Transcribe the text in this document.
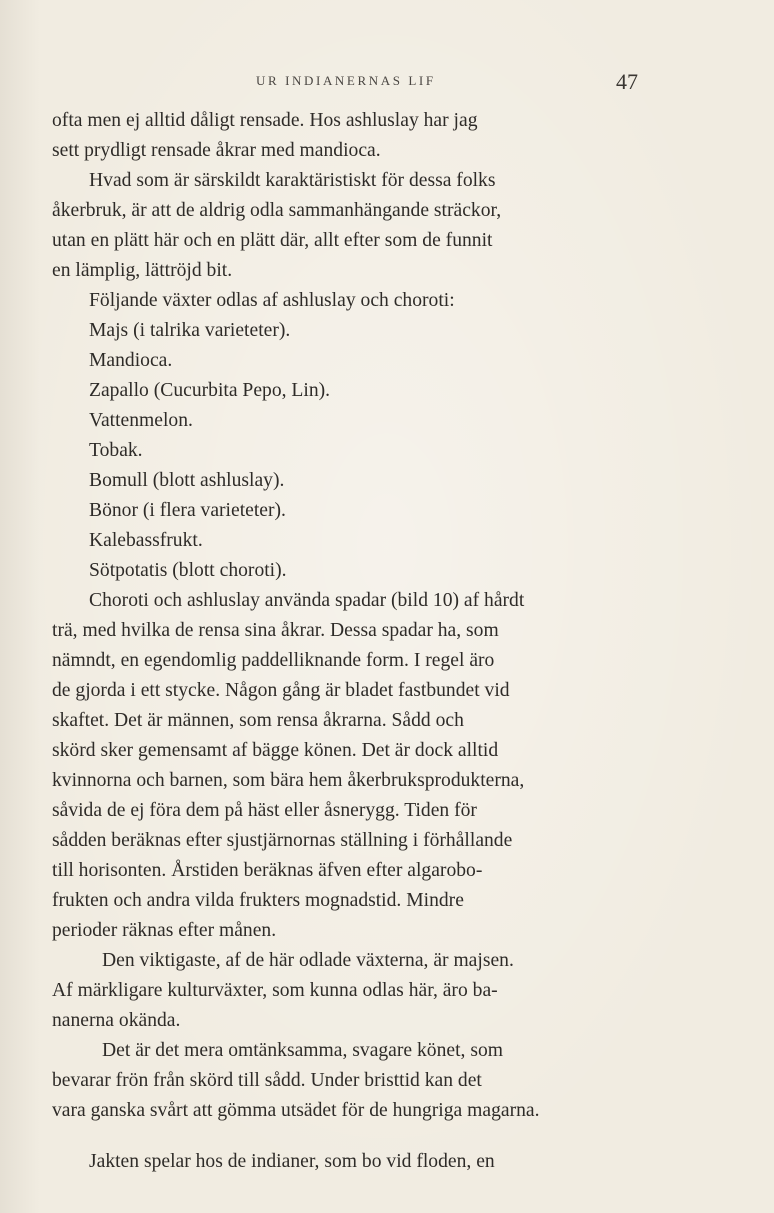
UR INDIANERNAS LIF	47
ofta men ej alltid dåligt rensade. Hos ashluslay har jag
sett prydligt rensade åkrar med mandioca.
Hvad som är särskildt karaktäristiskt för dessa folks
åkerbruk, är att de aldrig odla sammanhängande sträckor,
utan en plätt här och en plätt där, allt efter som de funnit
en lämplig, lättröjd bit.
Följande växter odlas af ashluslay och choroti:
Majs (i talrika varieteter).
Mandioca.
Zapallo (Cucurbita Pepo, Lin).
Vattenmelon.
Tobak.
Bomull (blott ashluslay).
Bönor (i flera varieteter).
Kalebassfrukt.
Sötpotatis (blott choroti).
Choroti och ashluslay använda spadar (bild 10) af hårdt
trä, med hvilka de rensa sina åkrar. Dessa spadar ha, som
nämndt, en egendomlig paddelliknande form. I regel äro
de gjorda i ett stycke. Någon gång är bladet fastbundet vid
skaftet. Det är männen, som rensa åkrarna. Sådd och
skörd sker gemensamt af bägge könen. Det är dock alltid
kvinnorna och barnen, som bära hem åkerbruksprodukterna,
såvida de ej föra dem på häst eller åsnerygg. Tiden för
sådden beräknas efter sjustjärnornas ställning i förhållande
till horisonten. Årstiden beräknas äfven efter algarobo-
frukten och andra vilda frukters mognadstid. Mindre
perioder räknas efter månen.
Den viktigaste, af de här odlade växterna, är majsen.
Af märkligare kulturväxter, som kunna odlas här, äro ba-
nanerna okända.
Det är det mera omtänksamma, svagare könet, som
bevarar frön från skörd till sådd. Under bristtid kan det
vara ganska svårt att gömma utsädet för de hungriga magarna.
Jakten spelar hos de indianer, som bo vid floden, en
